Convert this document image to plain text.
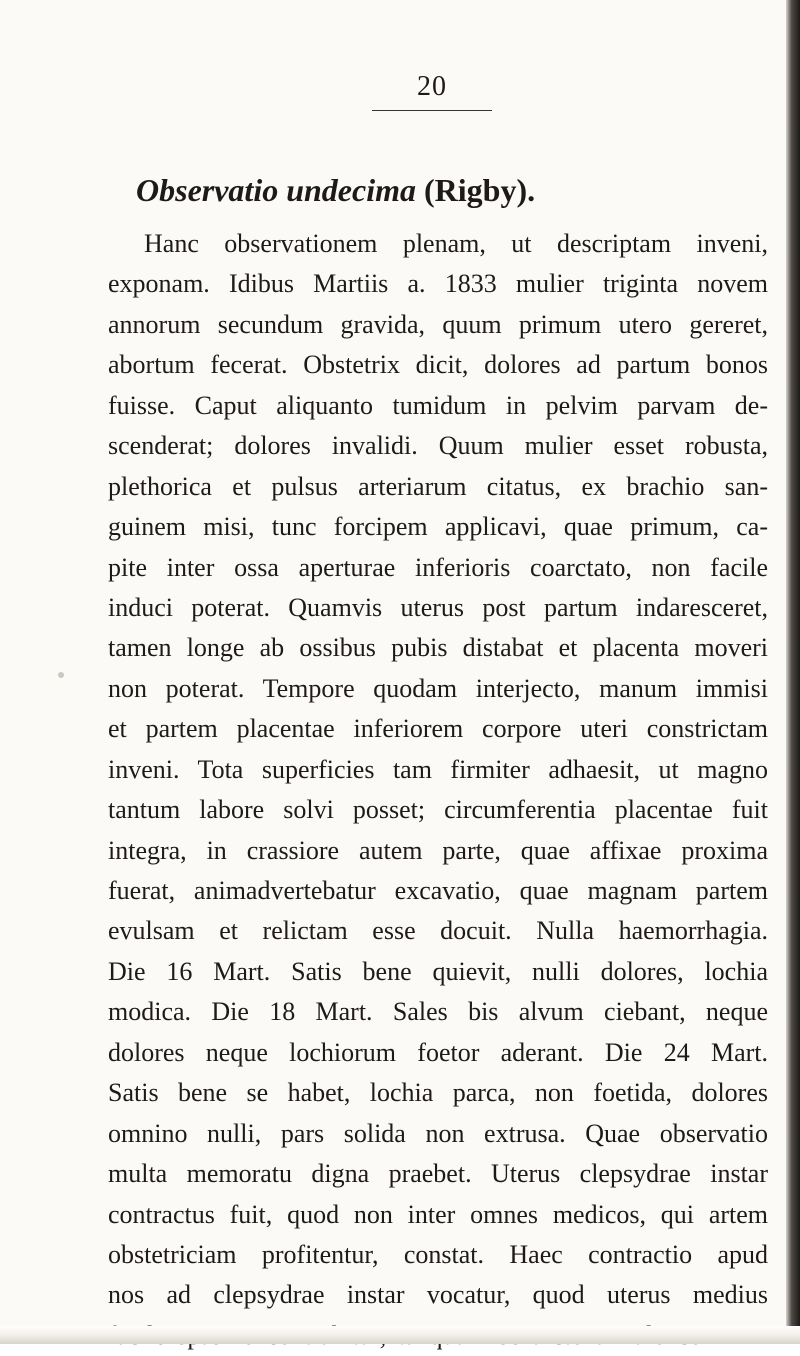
20
Observatio undecima (Rigby).
Hanc observationem plenam, ut descriptam inveni,
exponam. Idibus Martiis a. 1833 mulier triginta novem
annorum secundum gravida, quum primum utero gereret,
abortum fecerat. Obstetrix dicit, dolores ad partum bonos
fuisse. Caput aliquanto tumidum in pelvim parvam de-
scenderat; dolores invalidi. Quum mulier esset robusta,
plethorica et pulsus arteriarum citatus, ex brachio san-
guinem misi, tunc forcipem applicavi, quae primum, ca-
pite inter ossa aperturae inferioris coarctato, non facile
induci poterat. Quamvis uterus post partum indaresceret,
tamen longe ab ossibus pubis distabat et placenta moveri
non poterat. Tempore quodam interjecto, manum immisi
et partem placentae inferiorem corpore uteri constrictam
inveni. Tota superficies tam firmiter adhaesit, ut magno
tantum labore solvi posset; circumferentia placentae fuit
integra, in crassiore autem parte, quae affixae proxima
fuerat, animadvertebatur excavatio, quae magnam partem
evulsam et relictam esse docuit. Nulla haemorrhagia.
Die 16 Mart. Satis bene quievit, nulli dolores, lochia
modica. Die 18 Mart. Sales bis alvum ciebant, neque
dolores neque lochiorum foetor aderant. Die 24 Mart.
Satis bene se habet, lochia parca, non foetida, dolores
omnino nulli, pars solida non extrusa. Quae observatio
multa memoratu digna praebet. Uterus clepsydrae instar
contractus fuit, quod non inter omnes medicos, qui artem
obstetriciam profitentur, constat. Haec contractio apud
nos ad clepsydrae instar vocatur, quod uterus medius
